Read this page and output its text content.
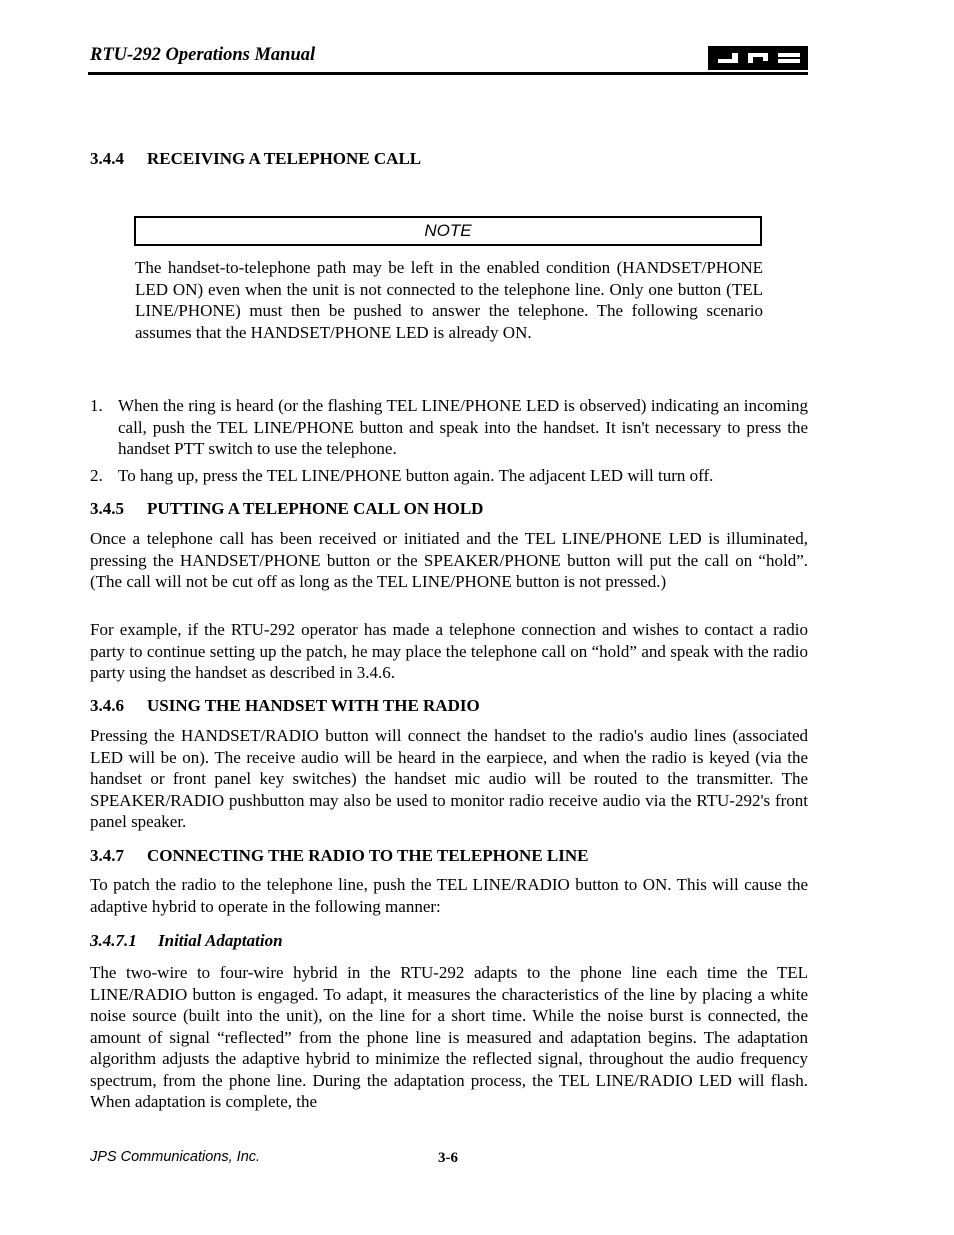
RTU-292 Operations Manual
3.4.4 RECEIVING A TELEPHONE CALL
NOTE

The handset-to-telephone path may be left in the enabled condition (HANDSET/PHONE LED ON) even when the unit is not connected to the telephone line. Only one button (TEL LINE/PHONE) must then be pushed to answer the telephone. The following scenario assumes that the HANDSET/PHONE LED is already ON.

1. When the ring is heard (or the flashing TEL LINE/PHONE LED is observed) indicating an incoming call, push the TEL LINE/PHONE button and speak into the handset. It isn't necessary to press the handset PTT switch to use the telephone.
2. To hang up, press the TEL LINE/PHONE button again. The adjacent LED will turn off.
3.4.5 PUTTING A TELEPHONE CALL ON HOLD

Once a telephone call has been received or initiated and the TEL LINE/PHONE LED is illuminated, pressing the HANDSET/PHONE button or the SPEAKER/PHONE button will put the call on “hold”. (The call will not be cut off as long as the TEL LINE/PHONE button is not pressed.)

For example, if the RTU-292 operator has made a telephone connection and wishes to contact a radio party to continue setting up the patch, he may place the telephone call on “hold” and speak with the radio party using the handset as described in 3.4.6.

3.4.6 USING THE HANDSET WITH THE RADIO

Pressing the HANDSET/RADIO button will connect the handset to the radio's audio lines (associated LED will be on). The receive audio will be heard in the earpiece, and when the radio is keyed (via the handset or front panel key switches) the handset mic audio will be routed to the transmitter. The SPEAKER/RADIO pushbutton may also be used to monitor radio receive audio via the RTU-292's front panel speaker.

3.4.7 CONNECTING THE RADIO TO THE TELEPHONE LINE

To patch the radio to the telephone line, push the TEL LINE/RADIO button to ON. This will cause the adaptive hybrid to operate in the following manner:

3.4.7.1 Initial Adaptation

The two-wire to four-wire hybrid in the RTU-292 adapts to the phone line each time the TEL LINE/RADIO button is engaged. To adapt, it measures the characteristics of the line by placing a white noise source (built into the unit), on the line for a short time. While the noise burst is connected, the amount of signal “reflected” from the phone line is measured and adaptation begins. The adaptation algorithm adjusts the adaptive hybrid to minimize the reflected signal, throughout the audio frequency spectrum, from the phone line. During the adaptation process, the TEL LINE/RADIO LED will flash. When adaptation is complete, the

JPS Communications, Inc.	3-6
